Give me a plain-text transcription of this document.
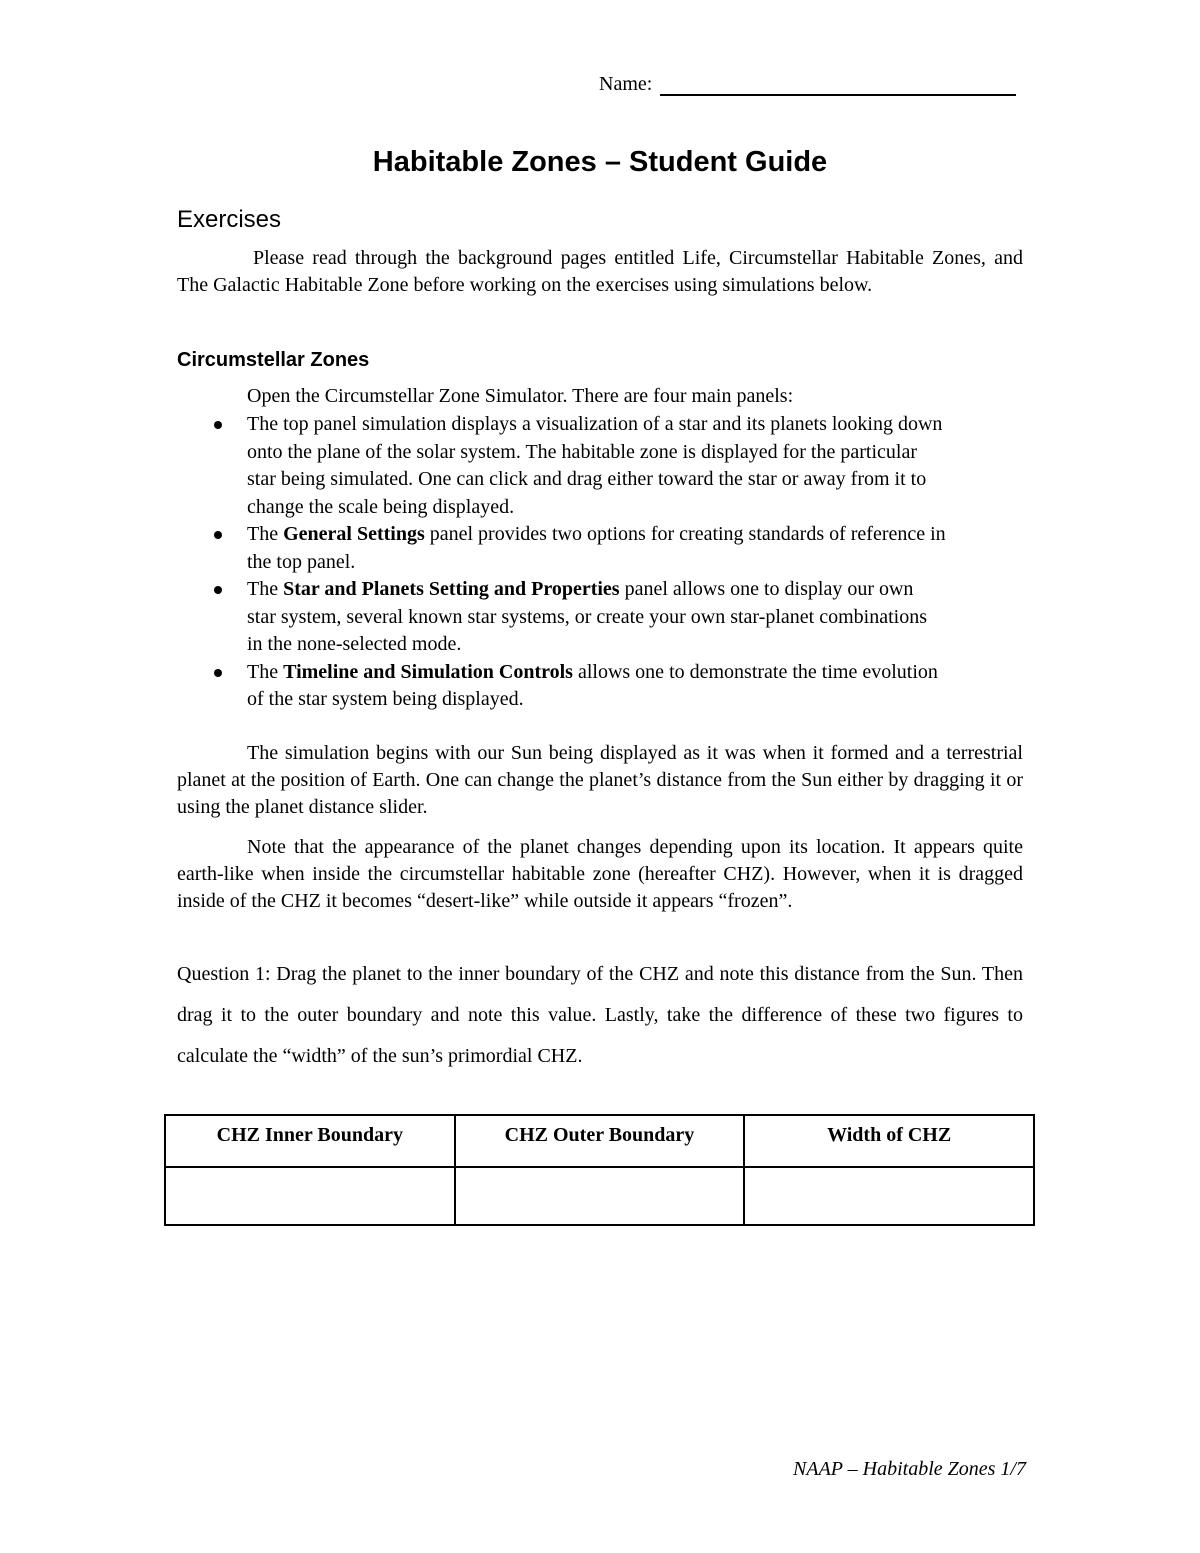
Name:
Habitable Zones – Student Guide
Exercises

Please read through the background pages entitled Life, Circumstellar Habitable Zones, and The Galactic Habitable Zone before working on the exercises using simulations below.

Circumstellar Zones

Open the Circumstellar Zone Simulator. There are four main panels:

The top panel simulation displays a visualization of a star and its planets looking down onto the plane of the solar system. The habitable zone is displayed for the particular star being simulated. One can click and drag either toward the star or away from it to change the scale being displayed.
The General Settings panel provides two options for creating standards of reference in the top panel.
The Star and Planets Setting and Properties panel allows one to display our own star system, several known star systems, or create your own star-planet combinations in the none-selected mode.
The Timeline and Simulation Controls allows one to demonstrate the time evolution of the star system being displayed.

The simulation begins with our Sun being displayed as it was when it formed and a terrestrial planet at the position of Earth. One can change the planet’s distance from the Sun either by dragging it or using the planet distance slider.

Note that the appearance of the planet changes depending upon its location. It appears quite earth-like when inside the circumstellar habitable zone (hereafter CHZ). However, when it is dragged inside of the CHZ it becomes “desert-like” while outside it appears “frozen”.

Question 1: Drag the planet to the inner boundary of the CHZ and note this distance from the Sun. Then drag it to the outer boundary and note this value. Lastly, take the difference of these two figures to calculate the “width” of the sun’s primordial CHZ.

CHZ Inner Boundary	CHZ Outer Boundary	Width of CHZ

NAAP – Habitable Zones 1/7
